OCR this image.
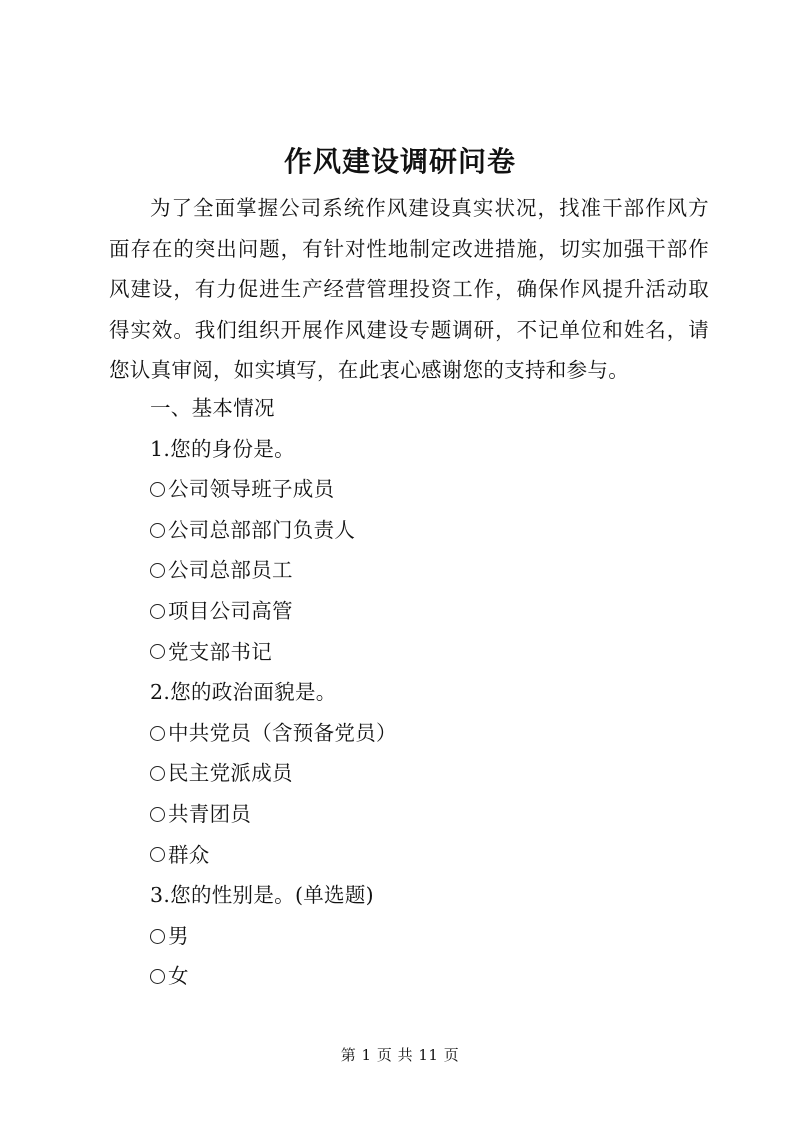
作风建设调研问卷

为了全面掌握公司系统作风建设真实状况，找准干部作风方面存在的突出问题，有针对性地制定改进措施，切实加强干部作风建设，有力促进生产经营管理投资工作，确保作风提升活动取得实效。我们组织开展作风建设专题调研，不记单位和姓名，请您认真审阅，如实填写，在此衷心感谢您的支持和参与。

一、基本情况
1.您的身份是。
公司领导班子成员
公司总部部门负责人
公司总部员工
项目公司高管
党支部书记
2.您的政治面貌是。
中共党员（含预备党员）
民主党派成员
共青团员
群众
3.您的性别是。(单选题)
男
女
第 1 页 共 11 页
